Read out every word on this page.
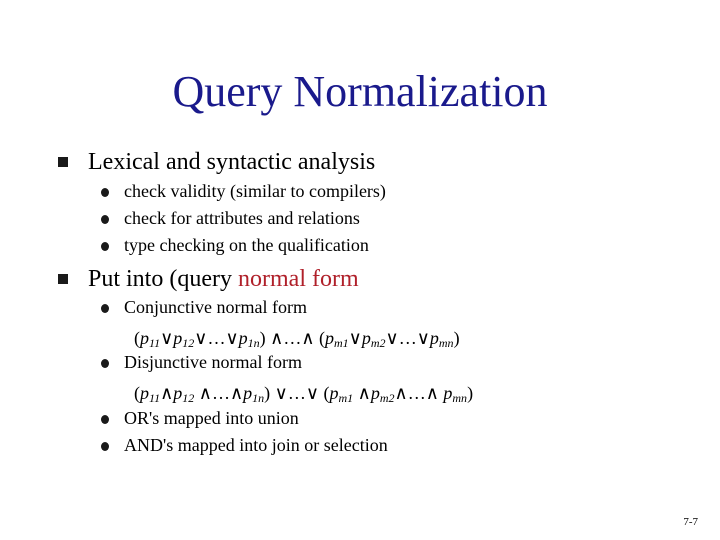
Query Normalization
Lexical and syntactic analysis
check validity (similar to compilers)
check for attributes and relations
type checking on the qualification
Put into (query normal form
Conjunctive normal form
$(p_{11}\vee p_{12}\vee\dots\vee p_{1n})$ ∧…∧ $(p_{m1}\vee p_{m2}\vee\dots\vee p_{mn})$
Disjunctive normal form
($p_{11}\wedge p_{12}$ $\wedge\dots\wedge p_{1n}$) ∨…∨ ($p_{m1}$ $\wedge p_{m2}\wedge\dots\wedge$ $p_{mn}$)
OR's mapped into union
AND's mapped into join or selection
7-7
